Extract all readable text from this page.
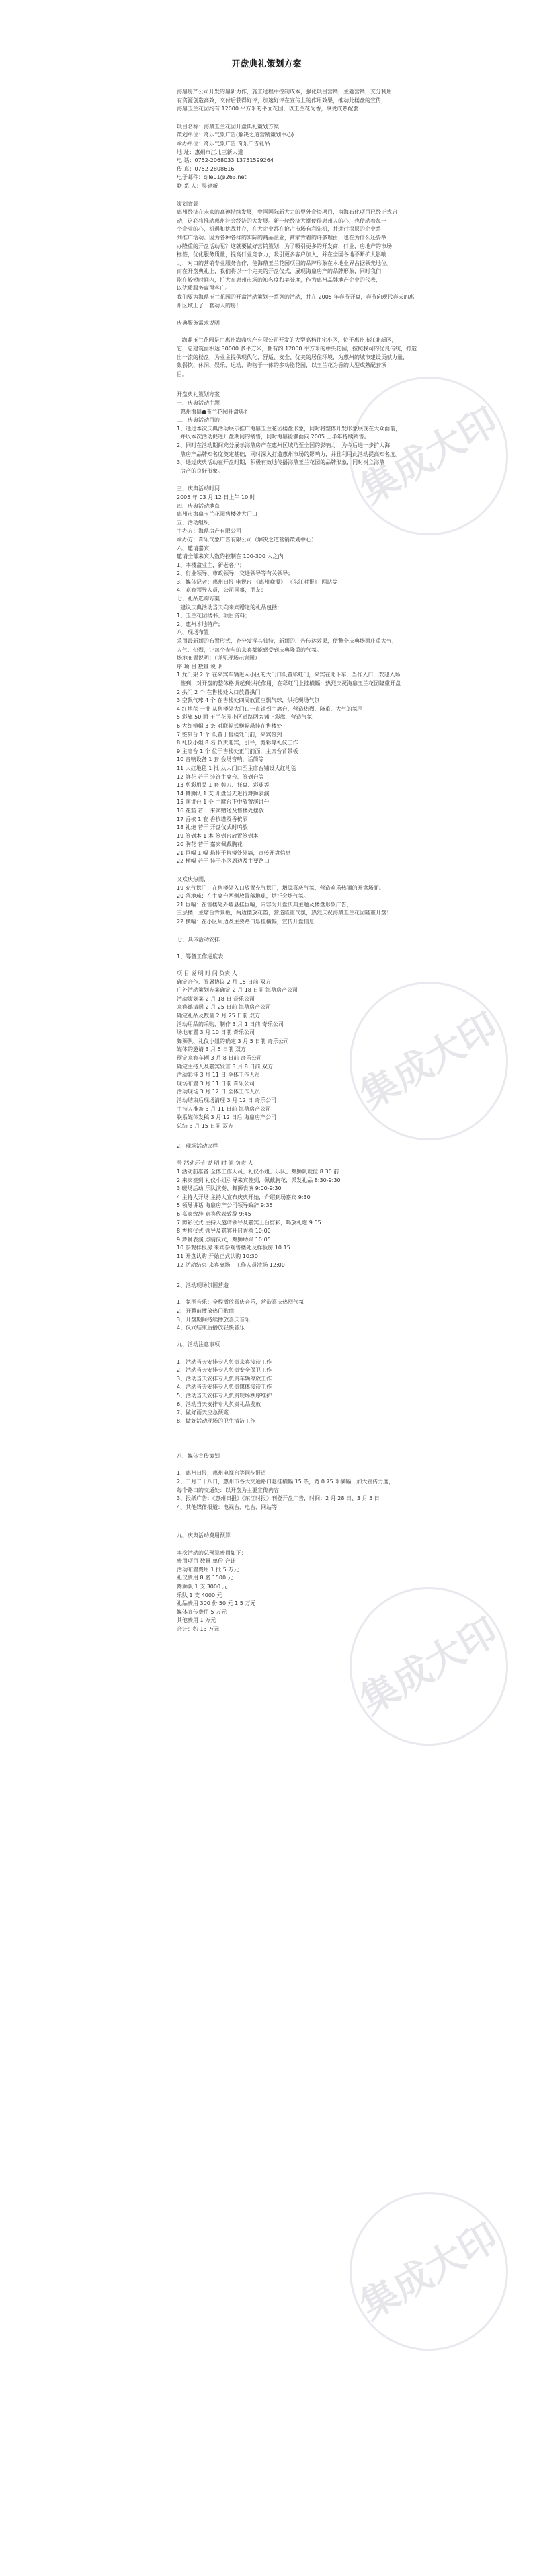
集成大印
集成大印
集成大印
集成大印
开盘典礼策划方案
海鼎房产公司开发的鼎新力作，施工过程中控制成本，强化项目营销，主题营销，充分利用
有资源创造高效，交付后获得好评，加速好评在宣传上的作用效果，推动此楼盘的宣传，
海鼎玉兰花园约有 12000 平方米的平面花园，以玉兰花为香，享受成熟配套！
项目名称：海鼎玉兰花园开盘典礼策划方案
策划单位：奇乐气象广告(解决之道营销策划中心)
承办单位：奇乐气象广告 奇乐广告礼品
地 址：惠州市江北三新大道
电 话：0752-2068033 13751599264
传 真：0752-2808616
电子邮件：qile01@263.net
联 系 人：吴建新
策划背景
惠州经济在未来的高速持续发展，中国国际新大力的甲外企资项目，南海石化项目已经正式启
动，这必将推动惠州社会经济的大发展。新一轮经济大潮使得惠州人的心，也使动着每一
个企业的心，机遇和挑战并存，在大企业都在抢占市场有利先机，并进行深层的企业系
列推广活动。因为各种各样的实际的商品企业，商家背着的许多理由，也在为什么还要举
办隆重的开盘活动呢？这就要做好营销策划，为了吸引更多的开发商，行业，房地产的市场
标签，优化服务质量，提高行业竞争力，吸引更多客户加入，并在全国各地不断扩大影响
力，对口的营销专业服务合作，使海鼎玉兰花园项目的品牌形象在本地业界占据领先地位。
而在开盘典礼上，我们将以一个完美的开盘仪式，展现海鼎房产的品牌形象，同时我们
能在较短时间内，扩大在惠州市场的知名度和美誉度，作为惠州品牌地产企业的代表，
以优质服务赢得客户。
我们要为海鼎玉兰花园的开盘活动策划一系列的活动，并在 2005 年春节开盘，春节向现代春天的惠
州区域上了一套动人的房！
庆典服务需求说明
海鼎玉兰花园是由惠州海鼎房产有限公司开发的大型高档住宅小区，位于惠州市江北新区，
它，总建筑面积达 30000 多平方米，拥有约 12000 平方米的中央花园，按照我司的优良传统，打造
出一流的楼盘，为业主提供现代化、舒适、安全、优美的居住环境，为惠州的城市建设贡献力量，
集餐饮、休闲、娱乐、运动、购物于一体的多功能花园，以玉兰花为香的大型成熟配套项
目。
开盘典礼策划方案
一、庆典活动主题
惠州海鼎●玉兰花园开盘典礼
二、庆典活动目的
1、通过本次庆典活动展示推广海鼎玉兰花园楼盘形象，同时将整体开发形象展现在大众面前，
并以本次活动促进开盘期间的销售，同时海鼎能够面向 2005 上半年持续销售。
2、同时在活动期间充分展示海鼎房产在惠州区域乃至全国的影响力，为今后进一步扩大海
鼎房产品牌知名度奠定基础，同时深入打造惠州市场的影响力，并且利用此活动提高知名度。
3、通过庆典活动在开盘时期，积极有效地传播海鼎玉兰花园的品牌形象，同时树立海鼎
房产的良好形象。
三、庆典活动时间
2005 年 03 月 12 日上午 10 时
四、庆典活动地点
惠州市海鼎玉兰花园售楼处大门口
五、活动组织
主办方：海鼎房产有限公司
承办方：奇乐气象广告有限公司（解决之道营销策划中心）
六、邀请嘉宾
邀请全部来宾人数约控制在 100-300 人之内
1、本楼盘业主，新老客户；
2、行业领导、市政领导，交通领导等有关领导；
3、媒体记者：惠州日报 电视台 《惠州晚报》 《东江时报》 网站等
4、嘉宾领导人员，公司同事，朋友；
七、礼品选购方案
建议庆典活动当天向来宾赠送的礼品包括：
1、玉兰花园楼书、项目资料；
2、惠州本地特产；
八、现场布置
采用最新颖的布置形式，充分发挥其独特，新颖的广告传达效果，使整个庆典场面庄重大气，
人气、热烈，让每个参与的来宾都能感受到庆典隆重的气氛。
场地布置说明：（详见现场示意图）
序 项 目 数量 说 明
1 龙门架 2 个 在来宾车辆进入小区的大门口设置彩虹门，来宾在此下车，当作入口，欢迎入场
签到，对开盘的整体格调起到烘托作用，在彩虹门上挂横幅：热烈庆祝海鼎玉兰花园隆重开盘
2 拱门 2 个 在售楼处入口放置拱门
3 空飘气球 4 个 在售楼处四周放置空飘气球，烘托现场气氛
4 红地毯 一批 从售楼处大门口一直铺到主席台，营造热烈、隆重、大气的氛围
5 彩旗 50 面 玉兰花园小区道路两旁插上彩旗，营造气氛
6 大红横幅 3 条 对联幅式横幅悬挂在售楼处
7 签到台 1 个 设置于售楼处门前，来宾签到
8 礼仪小姐 8 名 负责迎宾，引导，剪彩等礼仪工作
9 主席台 1 个 位于售楼处正门前面，主席台背景板
10 音响设备 1 套 会场音响，话筒等
11 大红地毯 1 批 从大门口至主席台铺设大红地毯
12 鲜花 若干 装饰主席台、签到台等
13 剪彩用品 1 套 剪刀、托盘、彩球等
14 舞狮队 1 支 开盘当天进行舞狮表演
15 演讲台 1 个 主席台正中放置演讲台
16 花篮 若干 来宾赠送及售楼处摆放
17 香槟 1 套 香槟塔及香槟酒
18 礼炮 若干 开盘仪式时鸣放
19 签到本 1 本 签到台放置签到本
20 胸花 若干 嘉宾佩戴胸花
21 巨幅 1 幅 悬挂于售楼处外墙，宣传开盘信息
22 横幅 若干 挂于小区周边及主要路口
又欢庆热闹，
19 充气拱门：在售楼处入口放置充气拱门，增添喜庆气氛，营造欢乐热闹的开盘场面。
20 落地球：在主席台两侧放置落地球，烘托会场气氛。
21 巨幅：在售楼处外墙悬挂巨幅，内容为开盘庆典主题及楼盘形象广告，
三层楼，主席台背景板，两边摆放花篮，营造隆重气氛，热烈庆祝海鼎玉兰花园隆重开盘！
22 横幅：在小区周边及主要路口悬挂横幅，宣传开盘信息
七、具体活动安排
1、筹备工作进度表
项 目 说 明 时 间 负责 人
确定合作、签署协议 2 月 15 日前 双方
户外活动策划方案确定 2 月 18 日前 海鼎房产公司
活动策划案 2 月 18 日 奇乐公司
来宾邀请函 2 月 25 日前 海鼎房产公司
确定礼品及数量 2 月 25 日前 双方
活动用品的采购、制作 3 月 1 日前 奇乐公司
场地布置 3 月 10 日前 奇乐公司
舞狮队、礼仪小姐的确定 3 月 5 日前 奇乐公司
媒体的邀请 3 月 5 日前 双方
预定来宾车辆 3 月 8 日前 奇乐公司
确定主持人及嘉宾发言 3 月 8 日前 双方
活动彩排 3 月 11 日 全体工作人员
现场布置 3 月 11 日前 奇乐公司
活动现场 3 月 12 日 全体工作人员
活动结束后现场清理 3 月 12 日 奇乐公司
主持人准备 3 月 11 日前 海鼎房产公司
联系媒体发稿 3 月 12 日后 海鼎房产公司
总结 3 月 15 日前 双方
2、现场活动议程
号 活动环节 说 明 时 间 负责 人
1 活动前准备 全体工作人员、礼仪小姐、乐队、舞狮队就位 8:30 前
2 来宾签到 礼仪小姐引导来宾签到，佩戴胸花，派发礼品 8:30-9:30
3 暖场活动 乐队演奏、舞狮表演 9:00-9:30
4 主持人开场 主持人宣布庆典开始，介绍到场嘉宾 9:30
5 领导讲话 海鼎房产公司领导致辞 9:35
6 嘉宾致辞 嘉宾代表致辞 9:45
7 剪彩仪式 主持人邀请领导及嘉宾上台剪彩，鸣放礼炮 9:55
8 香槟仪式 领导及嘉宾开启香槟 10:00
9 舞狮表演 点睛仪式，舞狮助兴 10:05
10 参观样板房 来宾参观售楼处及样板房 10:15
11 开盘认购 开始正式认购 10:30
12 活动结束 来宾离场，工作人员清场 12:00
2、活动现场氛围营造
1、氛围音乐：全程播放喜庆音乐，营造喜庆热烈气氛
2、开幕前播放热门歌曲
3、开盘期间持续播放喜庆音乐
4、仪式结束后播放轻快音乐
九、活动注意事项
1、活动当天安排专人负责来宾接待工作
2、活动当天安排专人负责安全保卫工作
3、活动当天安排专人负责车辆停放工作
4、活动当天安排专人负责媒体接待工作
5、活动当天安排专人负责现场秩序维护
6、活动当天安排专人负责礼品发放
7、做好雨天应急预案
8、做好活动现场的卫生清洁工作
八、媒体宣传策划
1、惠州日报，惠州电视台等同步报道
2、二月二十八日，惠州市各大交通路口悬挂横幅 15 条，宽 0.75 米横幅，加大宣传力度，
每个路口的交通处：以开盘为主要宣传内容
3、报纸广告：《惠州日报》《东江时报》刊登开盘广告，时间：2 月 28 日、3 月 5 日
4、其他媒体报道：电视台、电台、网站等
九、庆典活动费用预算
本次活动的总预算费用如下：
费用项目 数量 单价 合计
活动布置费用 1 批 5 万元
礼仪费用 8 名 1500 元
舞狮队 1 支 3000 元
乐队 1 支 4000 元
礼品费用 300 份 50 元 1.5 万元
媒体宣传费用 5 万元
其他费用 1 万元
合计：约 13 万元
